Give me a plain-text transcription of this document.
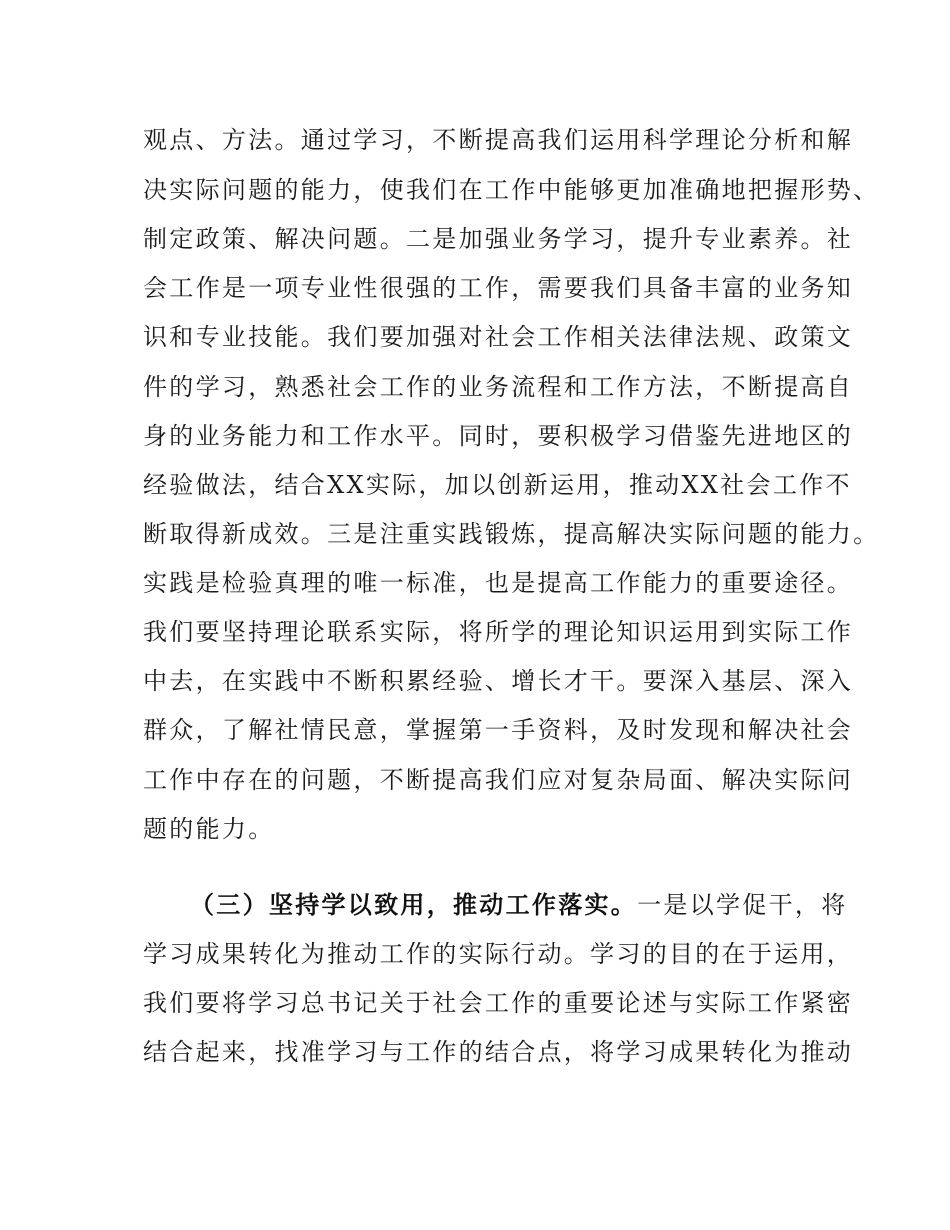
观点、方法。通过学习，不断提高我们运用科学理论分析和解
决实际问题的能力，使我们在工作中能够更加准确地把握形势、
制定政策、解决问题。二是加强业务学习，提升专业素养。社
会工作是一项专业性很强的工作，需要我们具备丰富的业务知
识和专业技能。我们要加强对社会工作相关法律法规、政策文
件的学习，熟悉社会工作的业务流程和工作方法，不断提高自
身的业务能力和工作水平。同时，要积极学习借鉴先进地区的
经验做法，结合XX实际，加以创新运用，推动XX社会工作不
断取得新成效。三是注重实践锻炼，提高解决实际问题的能力。
实践是检验真理的唯一标准，也是提高工作能力的重要途径。
我们要坚持理论联系实际，将所学的理论知识运用到实际工作
中去，在实践中不断积累经验、增长才干。要深入基层、深入
群众，了解社情民意，掌握第一手资料，及时发现和解决社会
工作中存在的问题，不断提高我们应对复杂局面、解决实际问
题的能力。
（三）坚持学以致用，推动工作落实。一是以学促干，将
学习成果转化为推动工作的实际行动。学习的目的在于运用，
我们要将学习总书记关于社会工作的重要论述与实际工作紧密
结合起来，找准学习与工作的结合点，将学习成果转化为推动
